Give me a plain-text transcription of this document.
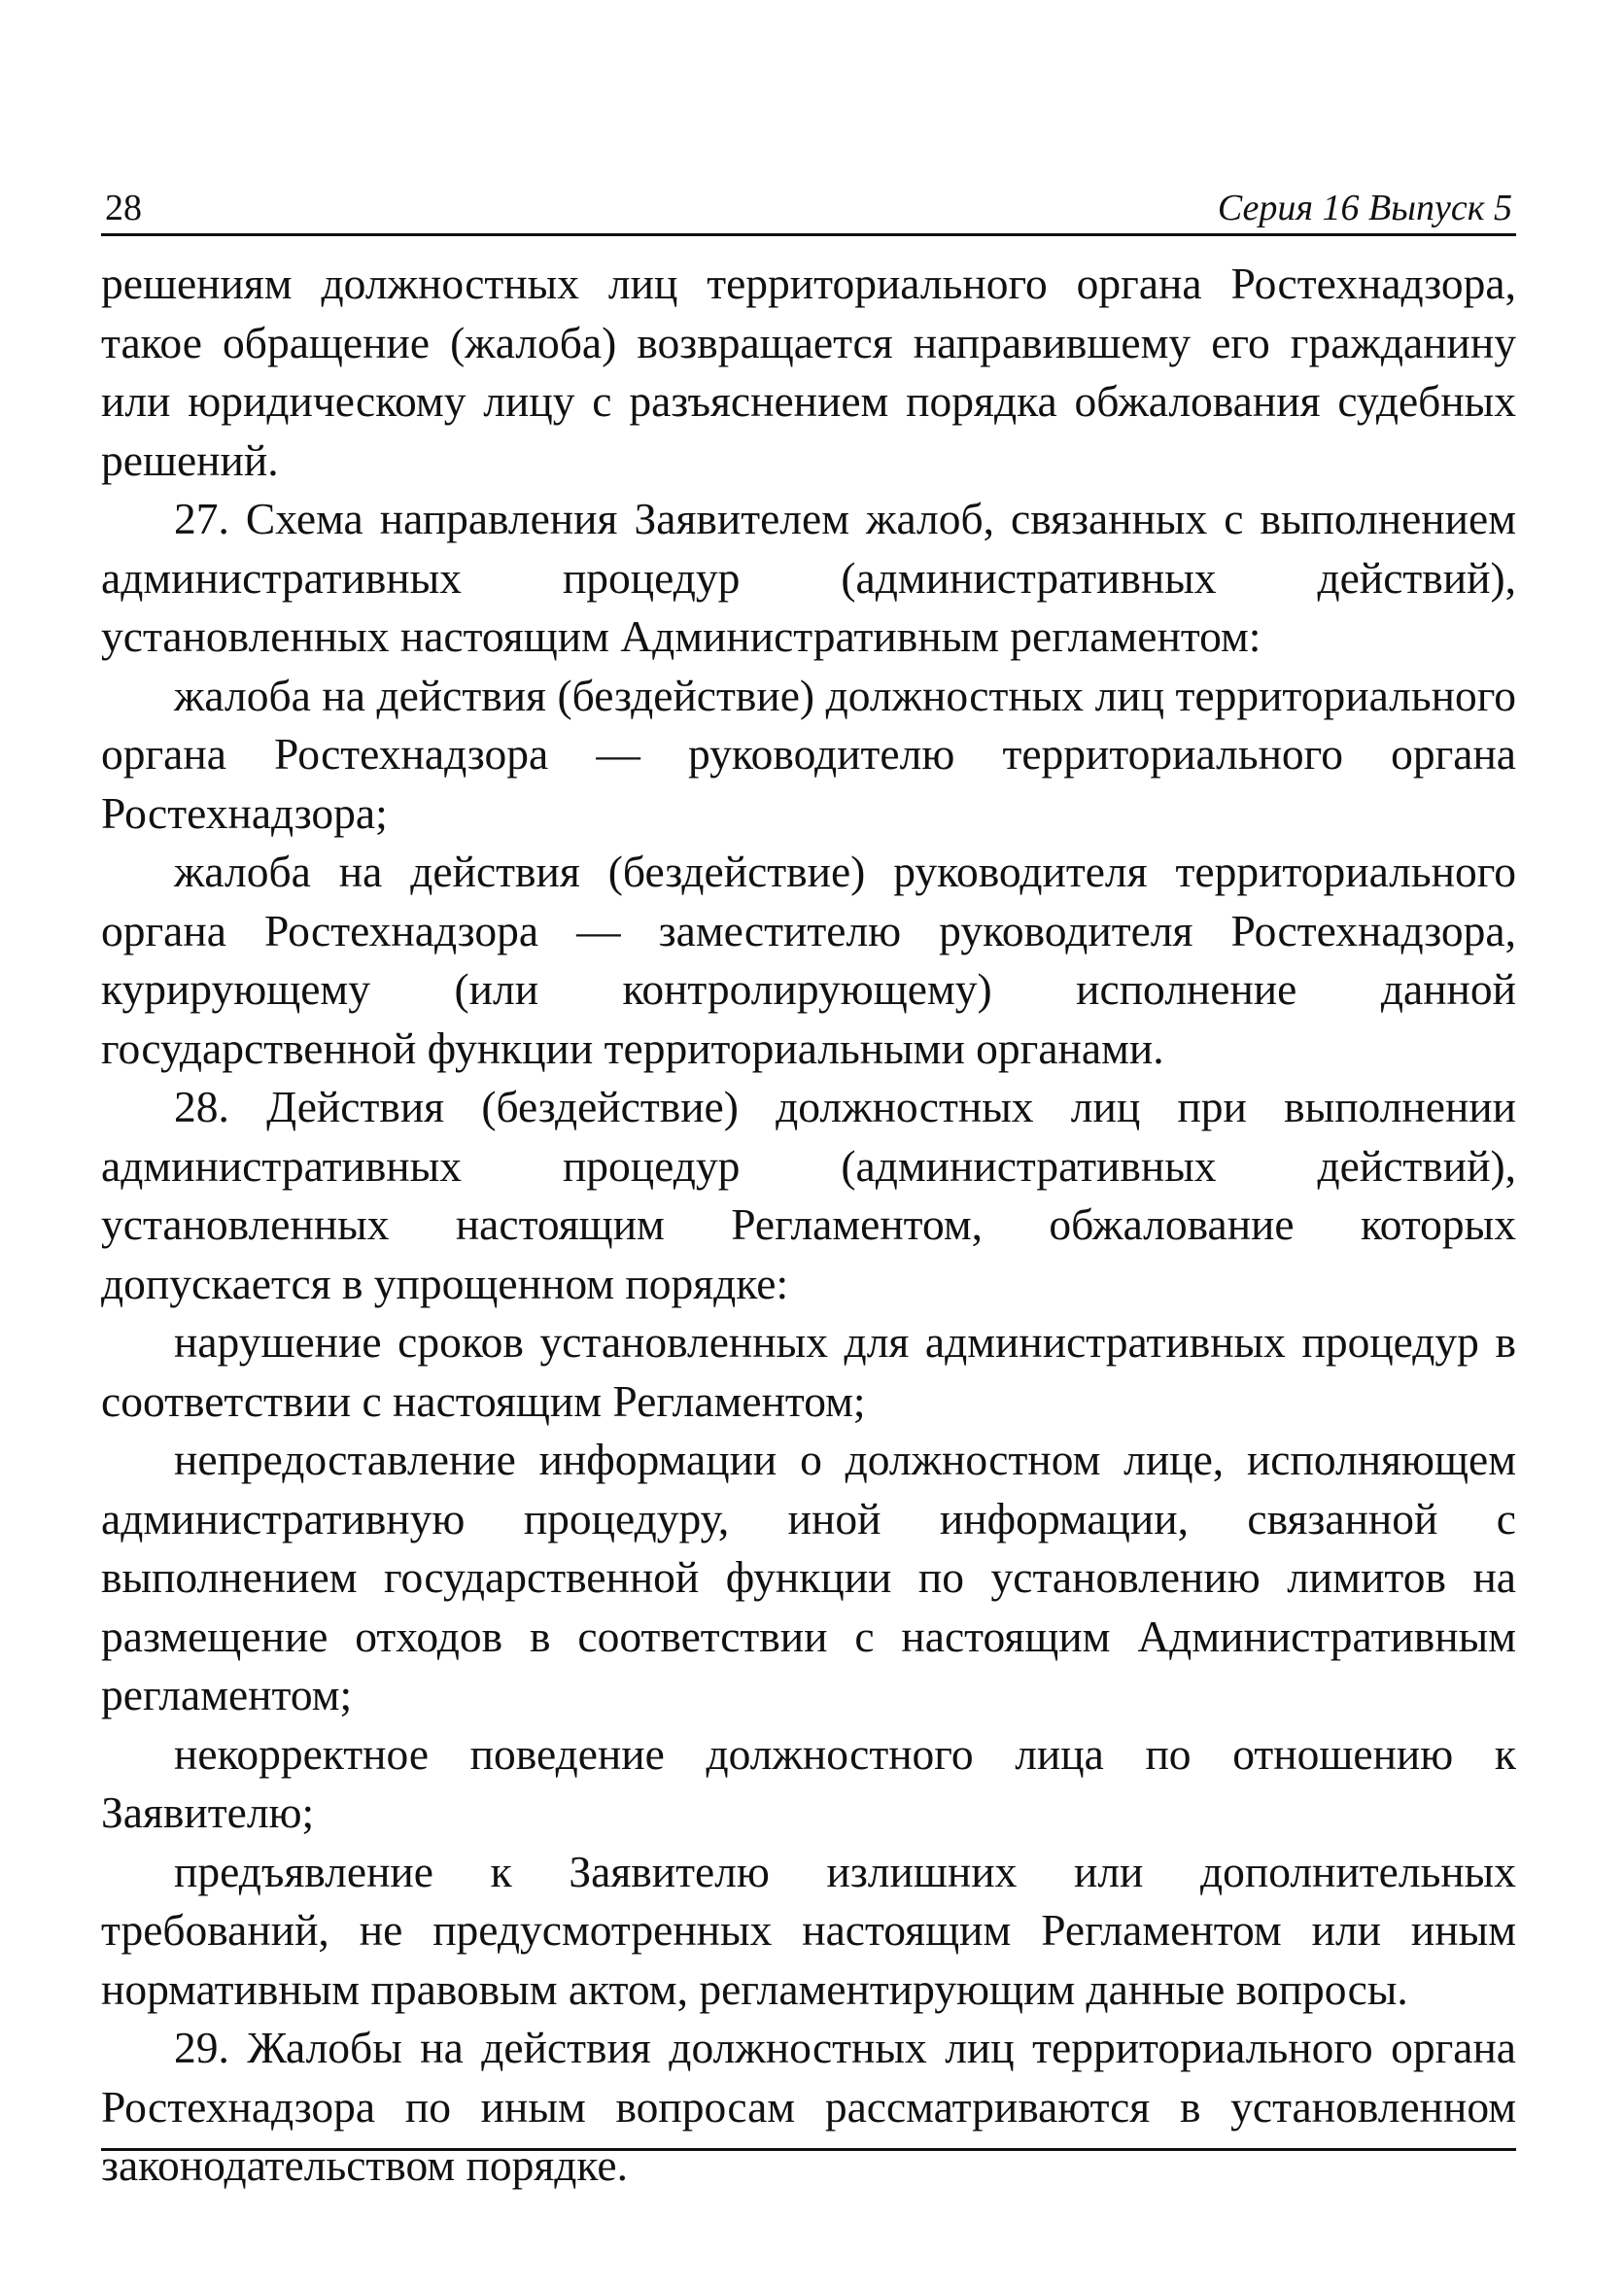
28	Серия 16 Выпуск 5

решениям должностных лиц территориального органа Ростехнадзора, такое обращение (жалоба) возвращается направившему его гражданину или юридическому лицу с разъяснением порядка обжалования судебных решений.

27. Схема направления Заявителем жалоб, связанных с выполнением административных процедур (административных действий), установленных настоящим Административным регламентом:

жалоба на действия (бездействие) должностных лиц территориального органа Ростехнадзора — руководителю территориального органа Ростехнадзора;

жалоба на действия (бездействие) руководителя территориального органа Ростехнадзора — заместителю руководителя Ростехнадзора, курирующему (или контролирующему) исполнение данной государственной функции территориальными органами.

28. Действия (бездействие) должностных лиц при выполнении административных процедур (административных действий), установленных настоящим Регламентом, обжалование которых допускается в упрощенном порядке:

нарушение сроков установленных для административных процедур в соответствии с настоящим Регламентом;

непредоставление информации о должностном лице, исполняющем административную процедуру, иной информации, связанной с выполнением государственной функции по установлению лимитов на размещение отходов в соответствии с настоящим Административным регламентом;

некорректное поведение должностного лица по отношению к Заявителю;

предъявление к Заявителю излишних или дополнительных требований, не предусмотренных настоящим Регламентом или иным нормативным правовым актом, регламентирующим данные вопросы.

29. Жалобы на действия должностных лиц территориального органа Ростехнадзора по иным вопросам рассматриваются в установленном законодательством порядке.
